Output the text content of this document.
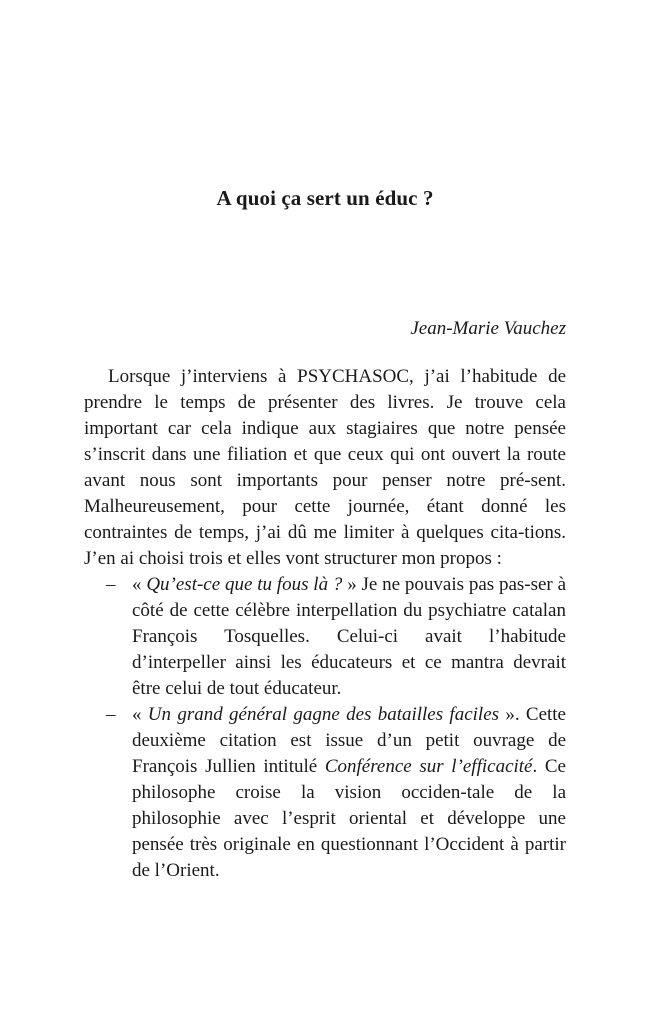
A quoi ça sert un éduc ?
Jean-Marie Vauchez

Lorsque j’interviens à PSYCHASOC, j’ai l’habitude de prendre le temps de présenter des livres. Je trouve cela important car cela indique aux stagiaires que notre pensée s’inscrit dans une filiation et que ceux qui ont ouvert la route avant nous sont importants pour penser notre pré-sent. Malheureusement, pour cette journée, étant donné les contraintes de temps, j’ai dû me limiter à quelques cita-tions. J’en ai choisi trois et elles vont structurer mon propos :

– « Qu’est-ce que tu fous là ? » Je ne pouvais pas pas-ser à côté de cette célèbre interpellation du psychiatre catalan François Tosquelles. Celui-ci avait l’habitude d’interpeller ainsi les éducateurs et ce mantra devrait être celui de tout éducateur.
– « Un grand général gagne des batailles faciles ». Cette deuxième citation est issue d’un petit ouvrage de François Jullien intitulé Conférence sur l’efficacité. Ce philosophe croise la vision occiden-tale de la philosophie avec l’esprit oriental et développe une pensée très originale en questionnant l’Occident à partir de l’Orient.
